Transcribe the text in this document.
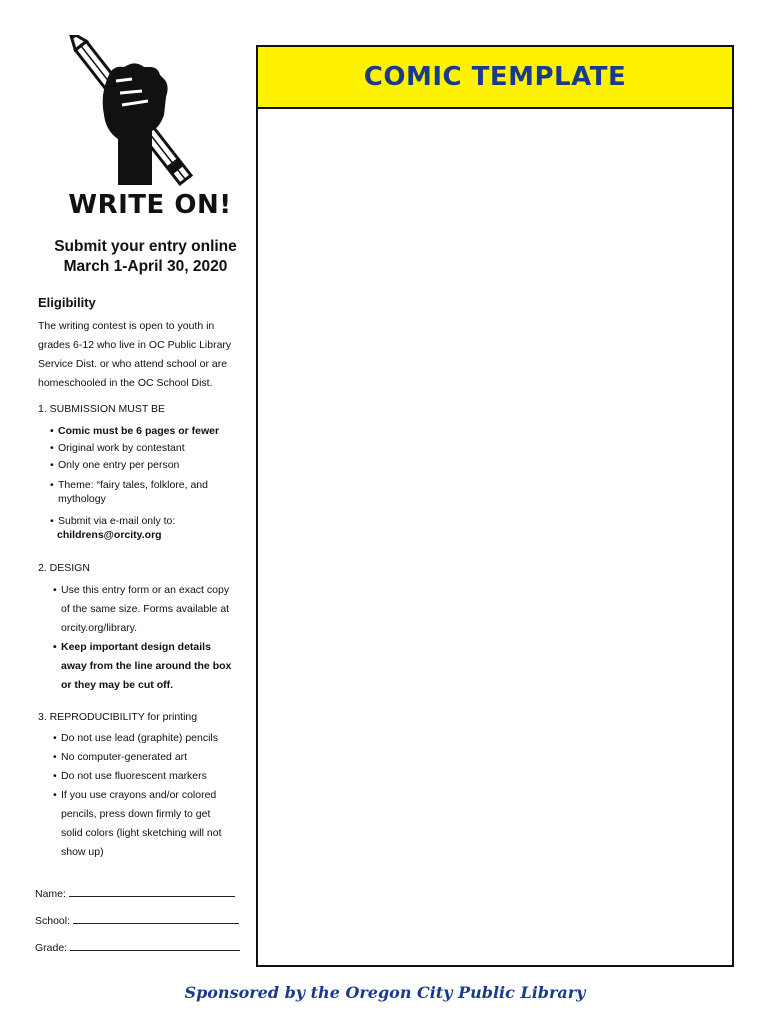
WRITE ON!
Submit your entry online
March 1-April 30, 2020
Eligibility
The writing contest is open to youth in
grades 6-12 who live in OC Public Library
Service Dist. or who attend school or are
homeschooled in the OC School Dist.
1. SUBMISSION MUST BE
• Comic must be 6 pages or fewer
• Original work by contestant
• Only one entry per person
• Theme: “fairy tales, folklore, and
mythology
• Submit via e-mail only to:
childrens@orcity.org
2. DESIGN
• Use this entry form or an exact copy
of the same size. Forms available at
orcity.org/library.
• Keep important design details
away from the line around the box
or they may be cut off.
3. REPRODUCIBILITY for printing
• Do not use lead (graphite) pencils
• No computer-generated art
• Do not use fluorescent markers
• If you use crayons and/or colored
pencils, press down firmly to get
solid colors (light sketching will not
show up)
Name:
School:
Grade:
COMIC TEMPLATE
Sponsored by the Oregon City Public Library
